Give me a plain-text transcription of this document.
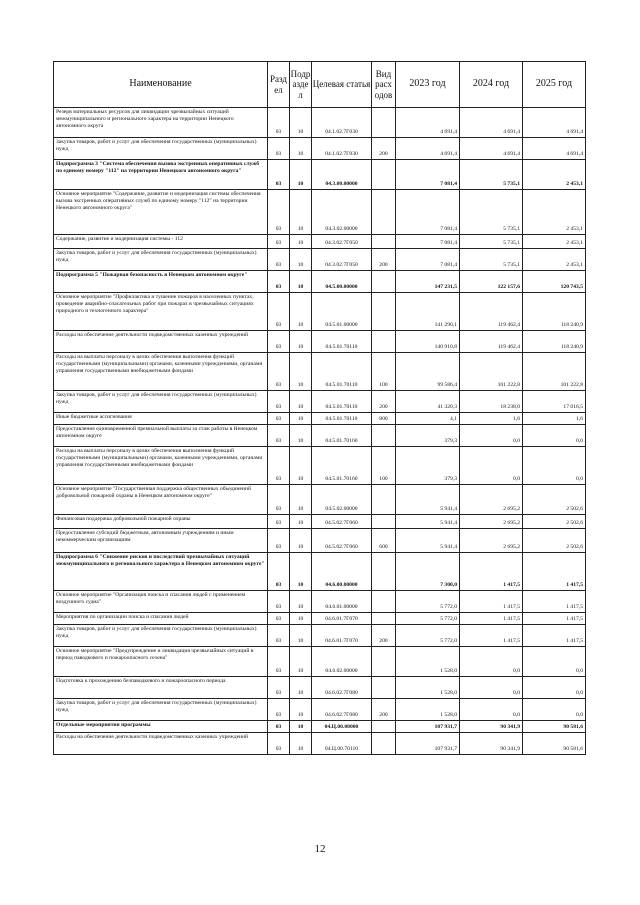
Наименование	Разд ел	Подр азде л	Целевая статья	Вид расх одов	2023 год	2024 год	2025 год
Резерв материальных ресурсов для ликвидации чрезвычайных ситуаций межмуниципального и регионального характера на территории Ненецкого автономного округа	03	10	04.1.02.7Г030		4 691,4	4 691,4	4 691,4
Закупка товаров, работ и услуг для обеспечения государственных (муниципальных) нужд	03	10	04.1.02.7Г030	200	4 691,4	4 691,4	4 691,4
Подпрограмма 3 "Система обеспечения вызова экстренных оперативных служб по единому номеру "112" на территории Ненецкого автономного округа"	03	10	04.3.00.00000		7 081,4	5 735,1	2 453,1
Основное мероприятие "Содержание, развитие и модернизация системы обеспечения вызова экстренных оперативных служб по единому номеру "112" на территории Ненецкого автономного округа"	03	10	04.3.02.00000		7 081,4	5 735,1	2 453,1
Содержание, развитие и модернизация системы - 112	03	10	04.3.02.7Г050		7 081,4	5 735,1	2 453,1
Закупка товаров, работ и услуг для обеспечения государственных (муниципальных) нужд	03	10	04.3.02.7Г050	200	7 081,4	5 735,1	2 453,1
Подпрограмма 5 "Пожарная безопасность в Ненецком автономном округе"	03	10	04.5.00.00000		147 231,5	122 157,6	120 743,5
Основное мероприятие "Профилактика и тушение пожаров в населенных пунктах, проведение аварийно-спасательных работ при пожарах в чрезвычайных ситуациях природного и техногенного характера"	03	10	04.5.01.00000		141 290,1	119 462,4	118 240,9
Расходы на обеспечение деятельности подведомственных казенных учреждений	03	10	04.5.01.70110		140 910,8	119 462,4	118 240,9
Расходы на выплаты персоналу в целях обеспечения выполнения функций государственными (муниципальными) органами, казенными учреждениями, органами управления государственными внебюджетными фондами	03	10	04.5.01.70110	100	99 586,4	101 222,8	101 222,8
Закупка товаров, работ и услуг для обеспечения государственных (муниципальных) нужд	03	10	04.5.01.70110	200	41 320,3	18 238,0	17 016,5
Иные бюджетные ассигнования	03	10	04.5.01.70110	800	4,1	1,6	1,6
Предоставление единовременной премиальной выплаты за стаж работы в Ненецком автономном округе	03	10	04.5.01.70160		379,3	0,0	0,0
Расходы на выплаты персоналу в целях обеспечения выполнения функций государственными (муниципальными) органами, казенными учреждениями, органами управления государственными внебюджетными фондами	03	10	04.5.01.70160	100	379,3	0,0	0,0
Основное мероприятие "Государственная поддержка общественных объединений добровольной пожарной охраны в Ненецком автономном округе"	03	10	04.5.02.00000		5 941,4	2 695,2	2 502,6
Финансовая поддержка добровольной пожарной охраны	03	10	04.5.02.7Г060		5 941,4	2 695,2	2 502,6
Предоставление субсидий бюджетным, автономным учреждениям и иным некоммерческим организациям	03	10	04.5.02.7Г060	600	5 941,4	2 695,2	2 502,6
Подпрограмма 6 "Снижение рисков и последствий чрезвычайных ситуаций межмуниципального и регионального характера в Ненецком автономном округе"	03	10	04.6.00.00000		7 300,0	1 417,5	1 417,5
Основное мероприятие "Организация поиска и спасания людей с применением воздушного судна"	03	10	04.6.01.00000		5 772,0	1 417,5	1 417,5
Мероприятия по организации поиска и спасания людей	03	10	04.6.01.7Г070		5 772,0	1 417,5	1 417,5
Закупка товаров, работ и услуг для обеспечения государственных (муниципальных) нужд	03	10	04.6.01.7Г070	200	5 772,0	1 417,5	1 417,5
Основное мероприятие "Предупреждение и ликвидация чрезвычайных ситуаций в период паводкового и пожароопасного сезона"	03	10	04.6.02.00000		1 528,0	0,0	0,0
Подготовка к прохождению безпаводкового и пожароопасного периода	03	10	04.6.02.7Г080		1 528,0	0,0	0,0
Закупка товаров, работ и услуг для обеспечения государственных (муниципальных) нужд	03	10	04.6.02.7Г080	200	1 528,0	0,0	0,0
Отдельные мероприятия программы	03	10	04.Ц.00.00000		107 931,7	90 341,9	90 581,6
Расходы на обеспечение деятельности подведомственных казенных учреждений	03	10	04.Ц.00.70110		107 931,7	90 341,9	90 581,6
12
